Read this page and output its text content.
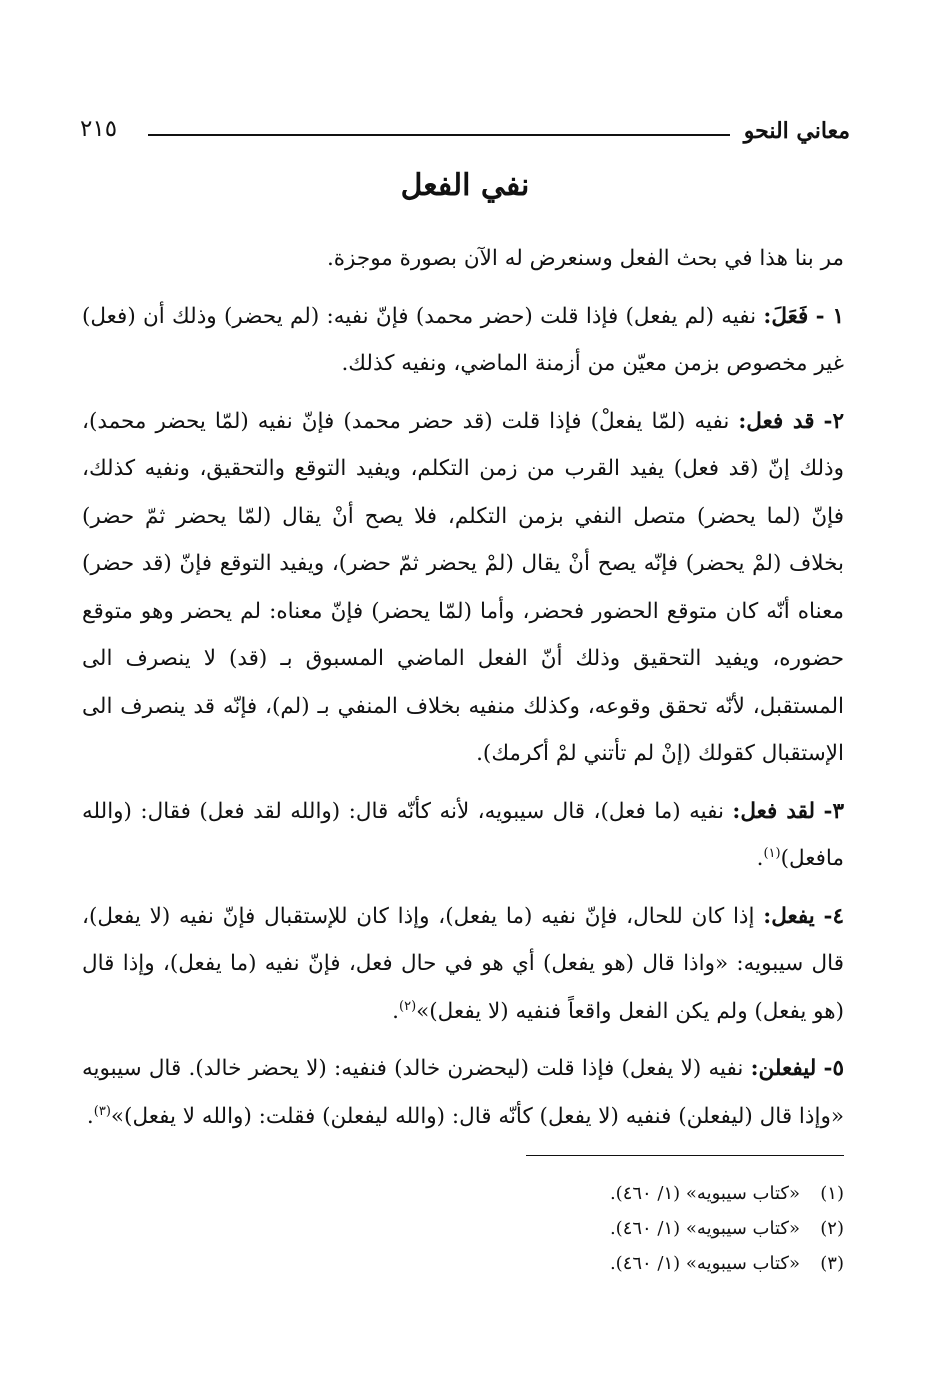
معاني النحو
٢١٥
نفي الفعل

مر بنا هذا في بحث الفعل وسنعرض له الآن بصورة موجزة.

١ - فَعَلَ: نفيه (لم يفعل) فإذا قلت (حضر محمد) فإنّ نفيه: (لم يحضر) وذلك أن (فعل) غير مخصوص بزمن معيّن من أزمنة الماضي، ونفيه كذلك.

٢- قد فعل: نفيه (لمّا يفعلْ) فإذا قلت (قد حضر محمد) فإنّ نفيه (لمّا يحضر محمد)، وذلك إنّ (قد فعل) يفيد القرب من زمن التكلم، ويفيد التوقع والتحقيق، ونفيه كذلك، فإنّ (لما يحضر) متصل النفي بزمن التكلم، فلا يصح أنْ يقال (لمّا يحضر ثمّ حضر) بخلاف (لمْ يحضر) فإنّه يصح أنْ يقال (لمْ يحضر ثمّ حضر)، ويفيد التوقع فإنّ (قد حضر) معناه أنّه كان متوقع الحضور فحضر، وأما (لمّا يحضر) فإنّ معناه: لم يحضر وهو متوقع حضوره، ويفيد التحقيق وذلك أنّ الفعل الماضي المسبوق بـ (قد) لا ينصرف الى المستقبل، لأنّه تحقق وقوعه، وكذلك منفيه بخلاف المنفي بـ (لم)، فإنّه قد ينصرف الى الإستقبال كقولك (إنْ لم تأتني لمْ أكرمك).

٣- لقد فعل: نفيه (ما فعل)، قال سيبويه، لأنه كأنّه قال: (والله لقد فعل) فقال: (والله مافعل)$^{(١)}$.

٤- يفعل: إذا كان للحال، فإنّ نفيه (ما يفعل)، وإذا كان للإستقبال فإنّ نفيه (لا يفعل)، قال سيبويه: «واذا قال (هو يفعل) أي هو في حال فعل، فإنّ نفيه (ما يفعل)، وإذا قال (هو يفعل) ولم يكن الفعل واقعاً فنفيه (لا يفعل)»$^{(٢)}$.

٥- ليفعلن: نفيه (لا يفعل) فإذا قلت (ليحضرن خالد) فنفيه: (لا يحضر خالد). قال سيبويه «وإذا قال (ليفعلن) فنفيه (لا يفعل) كأنّه قال: (والله ليفعلن) فقلت: (والله لا يفعل)»$^{(٣)}$.

(١)
«كتاب سيبويه» (١/ ٤٦٠).
(٢)
«كتاب سيبويه» (١/ ٤٦٠).
(٣)
«كتاب سيبويه» (١/ ٤٦٠).
